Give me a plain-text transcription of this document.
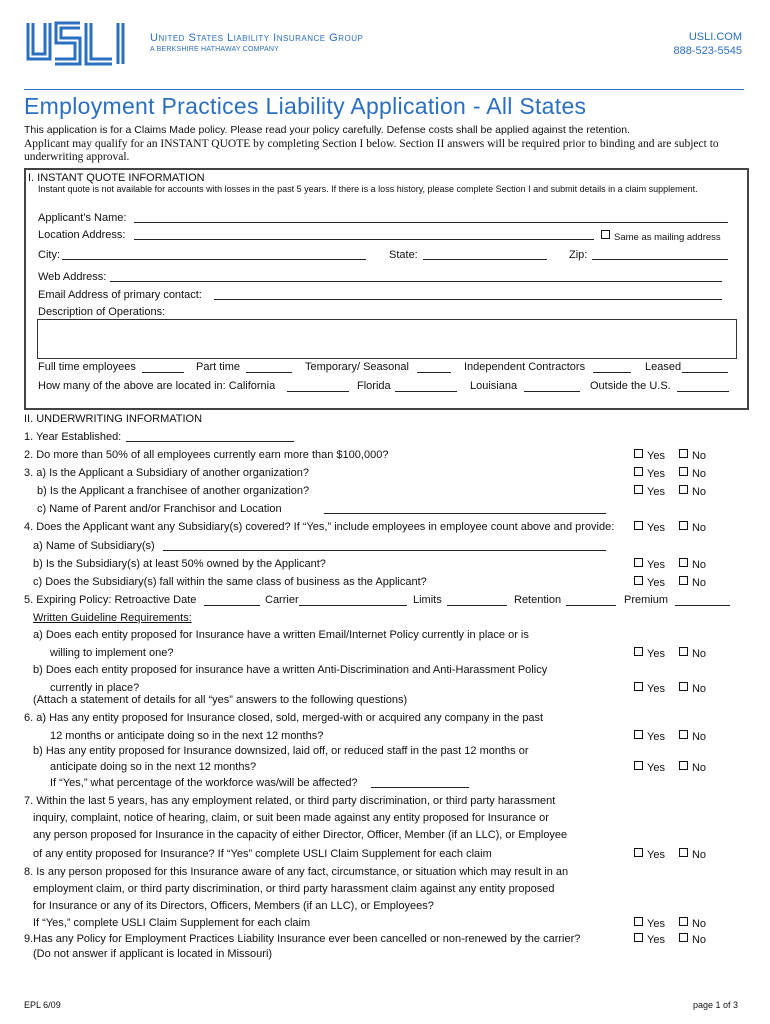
United States Liability Insurance Group
A BERKSHIRE HATHAWAY COMPANY
USLI.COM
888-523-5545
Employment Practices Liability Application - All States
This application is for a Claims Made policy. Please read your policy carefully. Defense costs shall be applied against the retention.
Applicant may qualify for an INSTANT QUOTE by completing Section I below. Section II answers will be required prior to binding and are subject to underwriting approval.
I. INSTANT QUOTE INFORMATION
Instant quote is not available for accounts with losses in the past 5 years. If there is a loss history, please complete Section I and submit details in a claim supplement.
Applicant’s Name:
Location Address:	Same as mailing address
City:	State:	Zip:
Web Address:
Email Address of primary contact:
Description of Operations:
Full time employees	Part time	Temporary/ Seasonal	Independent Contractors	Leased
How many of the above are located in: California	Florida	Louisiana	Outside the U.S.
II. UNDERWRITING INFORMATION
1. Year Established:
2. Do more than 50% of all employees currently earn more than $100,000?	Yes No
3. a) Is the Applicant a Subsidiary of another organization?	Yes No
b) Is the Applicant a franchisee of another organization?	Yes No
c) Name of Parent and/or Franchisor and Location
4. Does the Applicant want any Subsidiary(s) covered? If “Yes,” include employees in employee count above and provide:	Yes No
a) Name of Subsidiary(s)
b) Is the Subsidiary(s) at least 50% owned by the Applicant?	Yes No
c) Does the Subsidiary(s) fall within the same class of business as the Applicant?	Yes No
5. Expiring Policy: Retroactive Date	Carrier	Limits	Retention	Premium
Written Guideline Requirements:
a) Does each entity proposed for Insurance have a written Email/Internet Policy currently in place or is
willing to implement one?	Yes No
b) Does each entity proposed for insurance have a written Anti-Discrimination and Anti-Harassment Policy
currently in place?	Yes No
(Attach a statement of details for all “yes” answers to the following questions)
6. a) Has any entity proposed for Insurance closed, sold, merged-with or acquired any company in the past
12 months or anticipate doing so in the next 12 months?	Yes No
b) Has any entity proposed for Insurance downsized, laid off, or reduced staff in the past 12 months or
anticipate doing so in the next 12 months?	Yes No
If “Yes,” what percentage of the workforce was/will be affected?
7. Within the last 5 years, has any employment related, or third party discrimination, or third party harassment
inquiry, complaint, notice of hearing, claim, or suit been made against any entity proposed for Insurance or
any person proposed for Insurance in the capacity of either Director, Officer, Member (if an LLC), or Employee
of any entity proposed for Insurance? If “Yes” complete USLI Claim Supplement for each claim	Yes No
8. Is any person proposed for this Insurance aware of any fact, circumstance, or situation which may result in an
employment claim, or third party discrimination, or third party harassment claim against any entity proposed
for Insurance or any of its Directors, Officers, Members (if an LLC), or Employees?
If “Yes,” complete USLI Claim Supplement for each claim	Yes No
9.Has any Policy for Employment Practices Liability Insurance ever been cancelled or non-renewed by the carrier?	Yes No
(Do not answer if applicant is located in Missouri)
EPL 6/09	page 1 of 3
